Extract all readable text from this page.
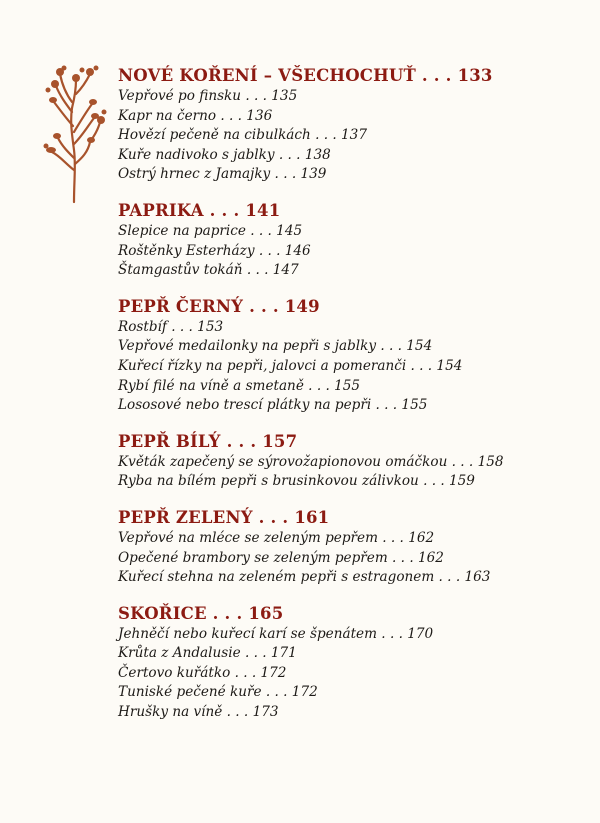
NOVÉ KOŘENÍ – VŠECHOCHUŤ . . . 133
Vepřové po finsku . . . 135
Kapr na černo . . . 136
Hovězí pečeně na cibulkách . . . 137
Kuře nadivoko s jablky . . . 138
Ostrý hrnec z Jamajky . . . 139
PAPRIKA . . . 141
Slepice na paprice . . . 145
Roštěnky Esterházy . . . 146
Štamgastův tokáň . . . 147
PEPŘ ČERNÝ . . . 149
Rostbíf . . . 153
Vepřové medailonky na pepři s jablky . . . 154
Kuřecí řízky na pepři, jalovci a pomeranči . . . 154
Rybí filé na víně a smetaně . . . 155
Lososové nebo trescí plátky na pepři . . . 155
PEPŘ BÍLÝ . . . 157
Květák zapečený se sýrovožapionovou omáčkou . . . 158
Ryba na bílém pepři s brusinkovou zálivkou . . . 159
PEPŘ ZELENÝ . . . 161
Vepřové na mléce se zeleným pepřem . . . 162
Opečené brambory se zeleným pepřem . . . 162
Kuřecí stehna na zeleném pepři s estragonem . . . 163
SKOŘICE . . . 165
Jehněčí nebo kuřecí karí se špenátem . . . 170
Krůta z Andalusie . . . 171
Čertovo kuřátko . . . 172
Tuniské pečené kuře . . . 172
Hrušky na víně . . . 173
